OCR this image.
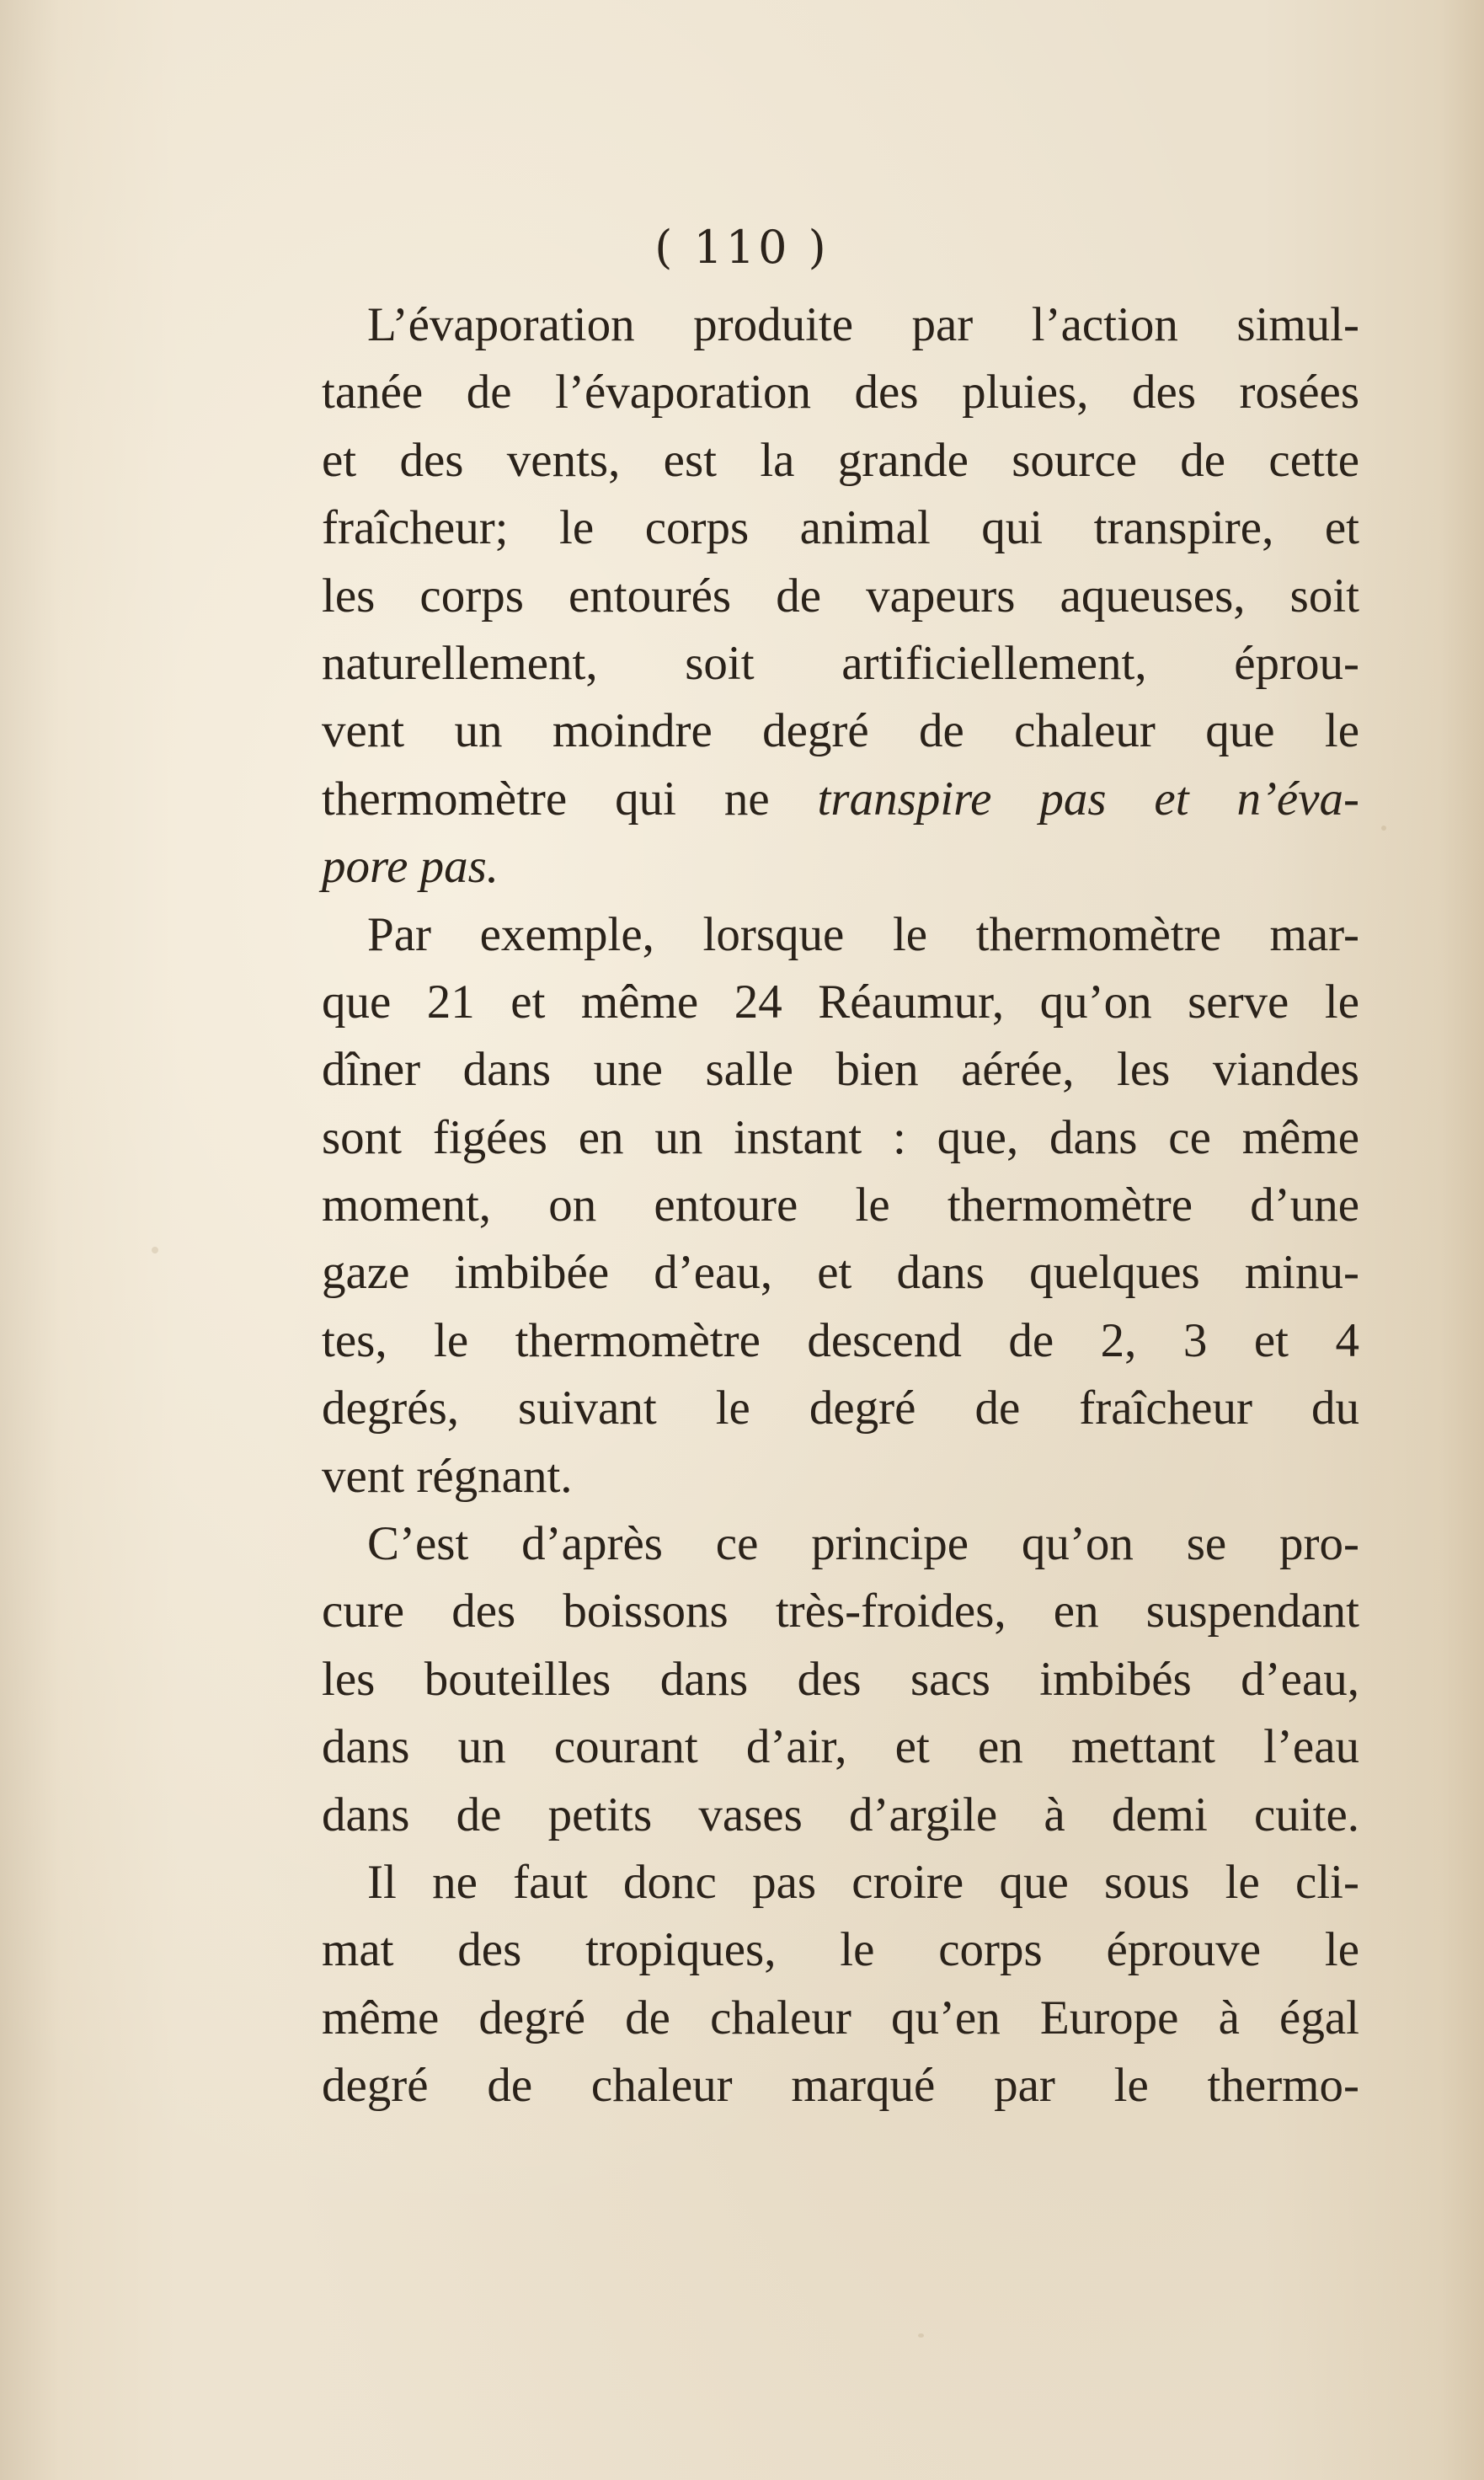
( 110 )
L’évaporation produite par l’action simul-
tanée de l’évaporation des pluies, des rosées
et des vents, est la grande source de cette
fraîcheur; le corps animal qui transpire, et
les corps entourés de vapeurs aqueuses, soit
naturellement, soit artificiellement, éprou-
vent un moindre degré de chaleur que le
thermomètre qui ne transpire pas et n’éva-
pore pas.
Par exemple, lorsque le thermomètre mar-
que 21 et même 24 Réaumur, qu’on serve le
dîner dans une salle bien aérée, les viandes
sont figées en un instant : que, dans ce même
moment, on entoure le thermomètre d’une
gaze imbibée d’eau, et dans quelques minu-
tes, le thermomètre descend de 2, 3 et 4
degrés, suivant le degré de fraîcheur du
vent régnant.
C’est d’après ce principe qu’on se pro-
cure des boissons très-froides, en suspendant
les bouteilles dans des sacs imbibés d’eau,
dans un courant d’air, et en mettant l’eau
dans de petits vases d’argile à demi cuite.
Il ne faut donc pas croire que sous le cli-
mat des tropiques, le corps éprouve le
même degré de chaleur qu’en Europe à égal
degré de chaleur marqué par le thermo-
